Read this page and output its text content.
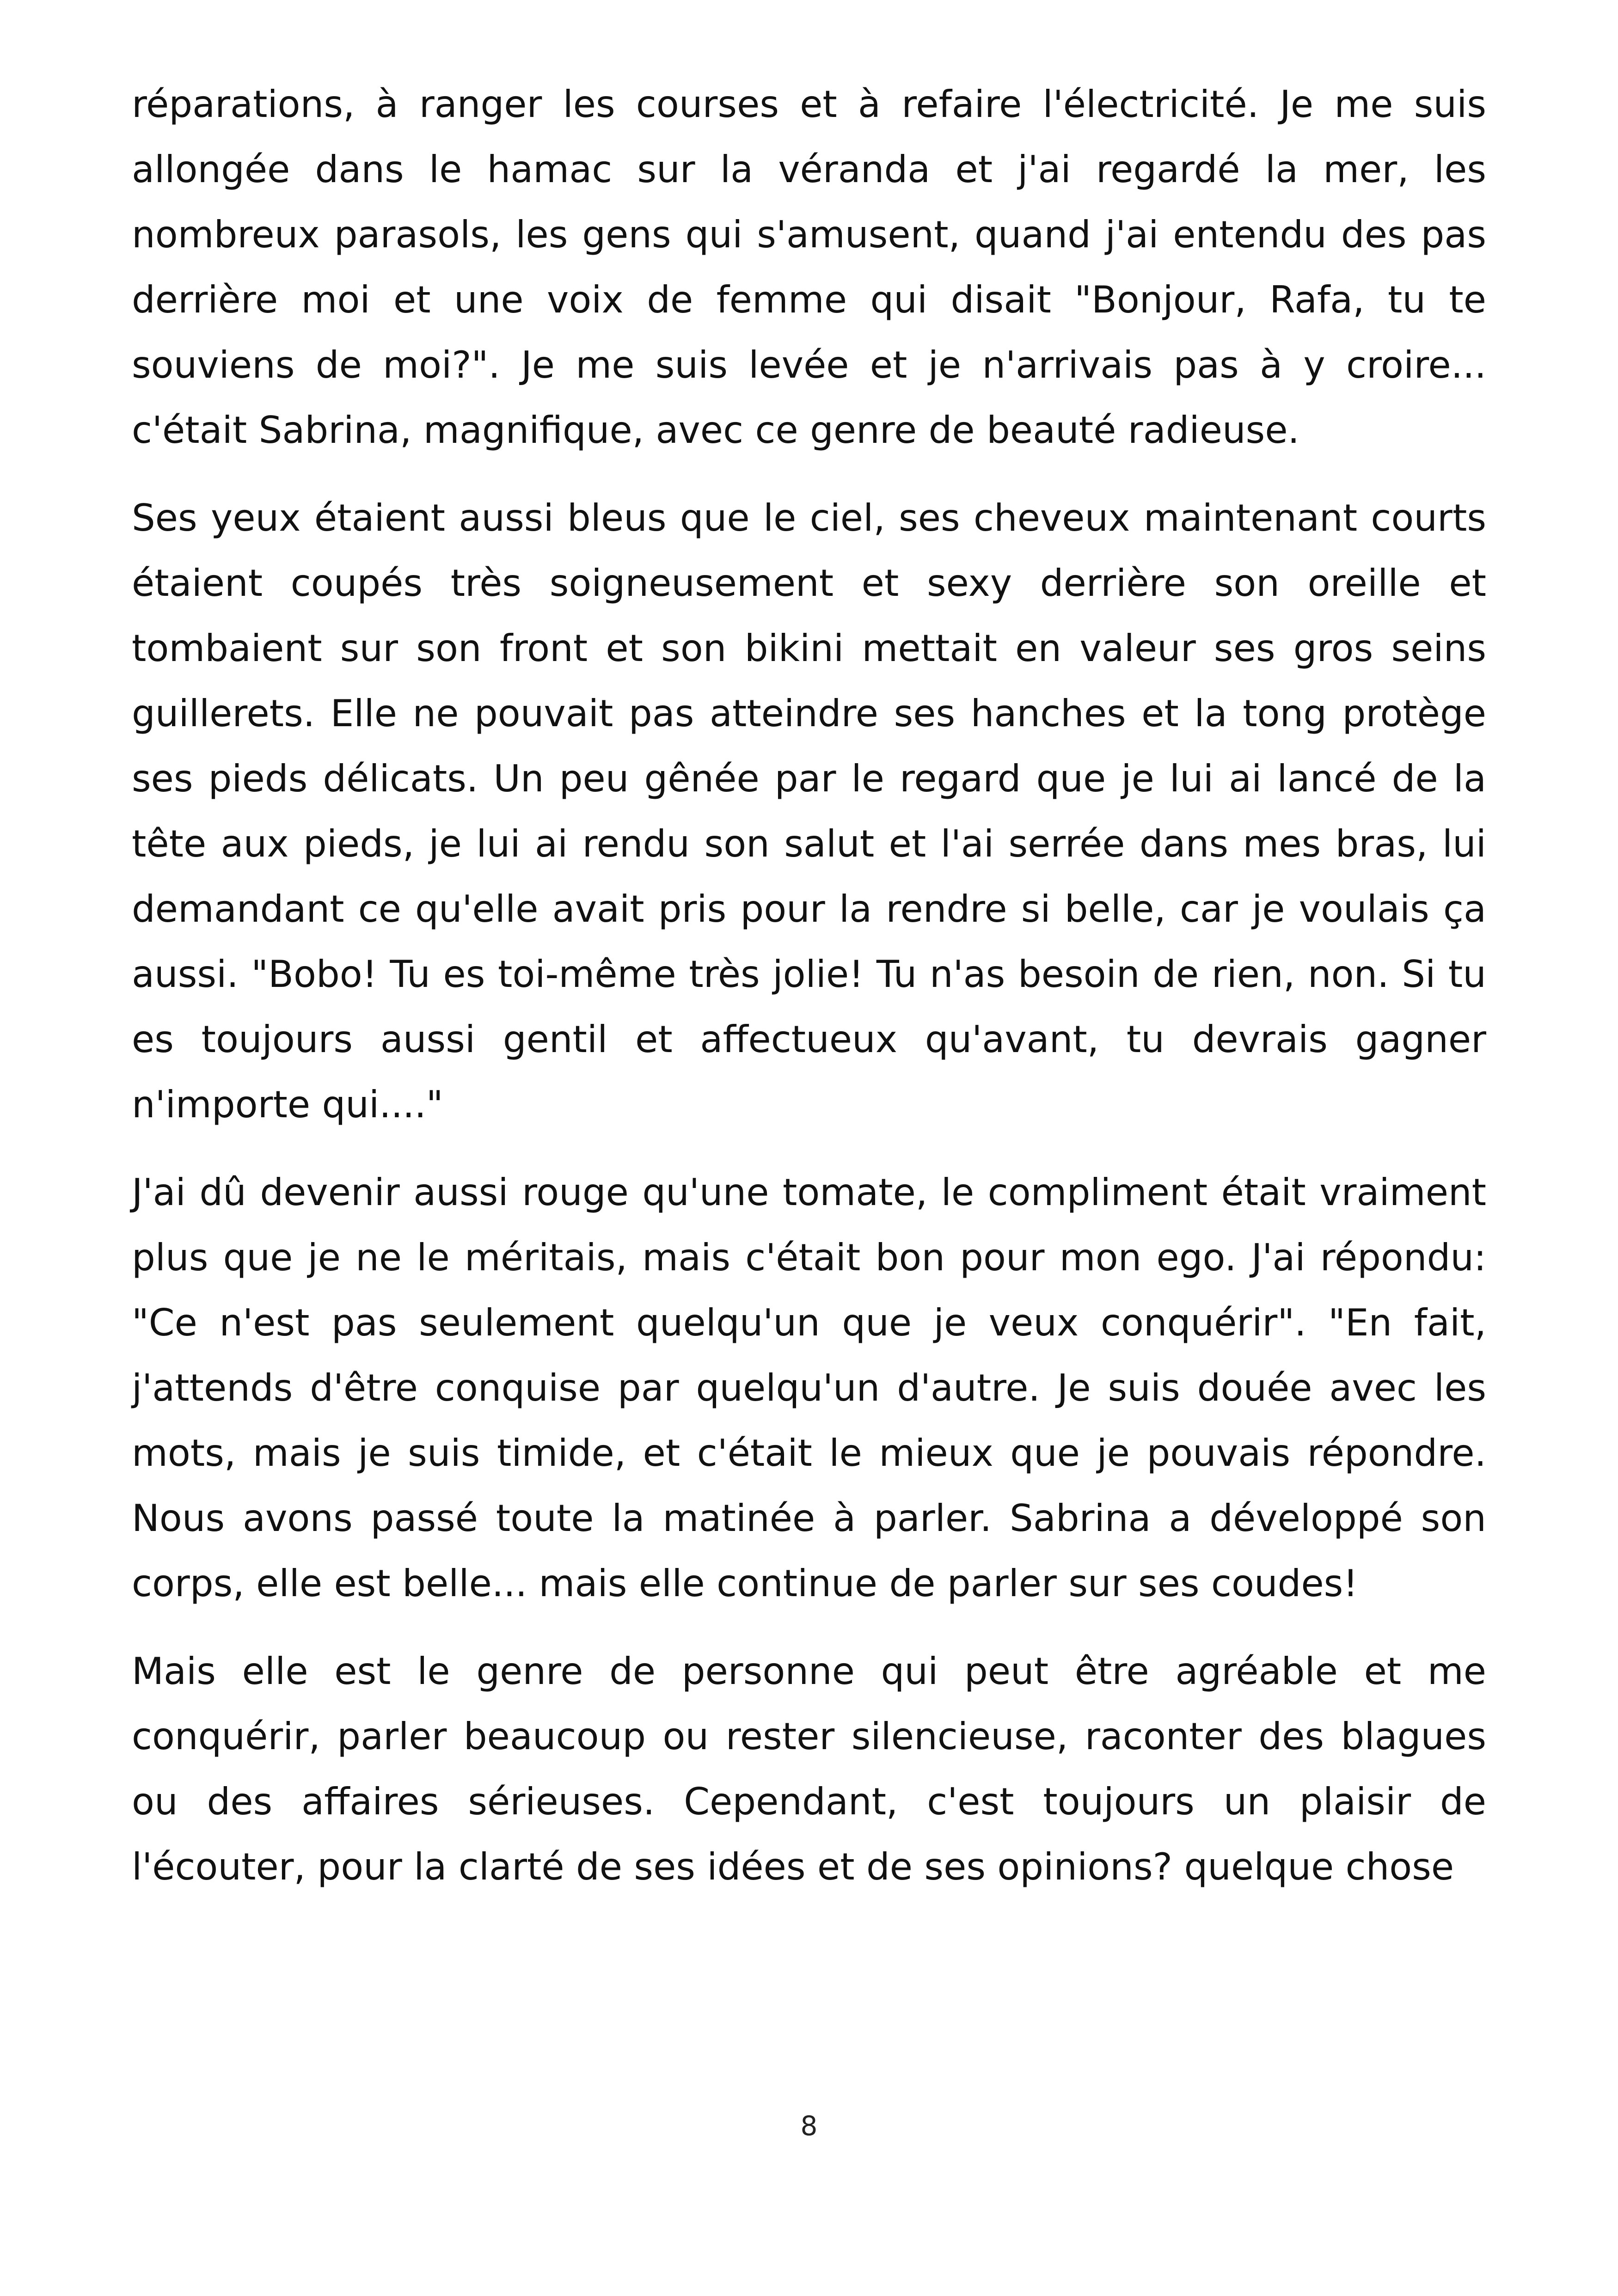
réparations, à ranger les courses et à refaire l'électricité. Je me suis allongée dans le hamac sur la véranda et j'ai regardé la mer, les nombreux parasols, les gens qui s'amusent, quand j'ai entendu des pas derrière moi et une voix de femme qui disait "Bonjour, Rafa, tu te souviens de moi?". Je me suis levée et je n'arrivais pas à y croire... c'était Sabrina, magnifique, avec ce genre de beauté radieuse.

Ses yeux étaient aussi bleus que le ciel, ses cheveux maintenant courts étaient coupés très soigneusement et sexy derrière son oreille et tombaient sur son front et son bikini mettait en valeur ses gros seins guillerets. Elle ne pouvait pas atteindre ses hanches et la tong protège ses pieds délicats. Un peu gênée par le regard que je lui ai lancé de la tête aux pieds, je lui ai rendu son salut et l'ai serrée dans mes bras, lui demandant ce qu'elle avait pris pour la rendre si belle, car je voulais ça aussi. "Bobo! Tu es toi-même très jolie! Tu n'as besoin de rien, non. Si tu es toujours aussi gentil et affectueux qu'avant, tu devrais gagner n'importe qui...."

J'ai dû devenir aussi rouge qu'une tomate, le compliment était vraiment plus que je ne le méritais, mais c'était bon pour mon ego. J'ai répondu: "Ce n'est pas seulement quelqu'un que je veux conquérir". "En fait, j'attends d'être conquise par quelqu'un d'autre. Je suis douée avec les mots, mais je suis timide, et c'était le mieux que je pouvais répondre. Nous avons passé toute la matinée à parler. Sabrina a développé son corps, elle est belle... mais elle continue de parler sur ses coudes!

Mais elle est le genre de personne qui peut être agréable et me conquérir, parler beaucoup ou rester silencieuse, raconter des blagues ou des affaires sérieuses. Cependant, c'est toujours un plaisir de l'écouter, pour la clarté de ses idées et de ses opinions? quelque chose

8
